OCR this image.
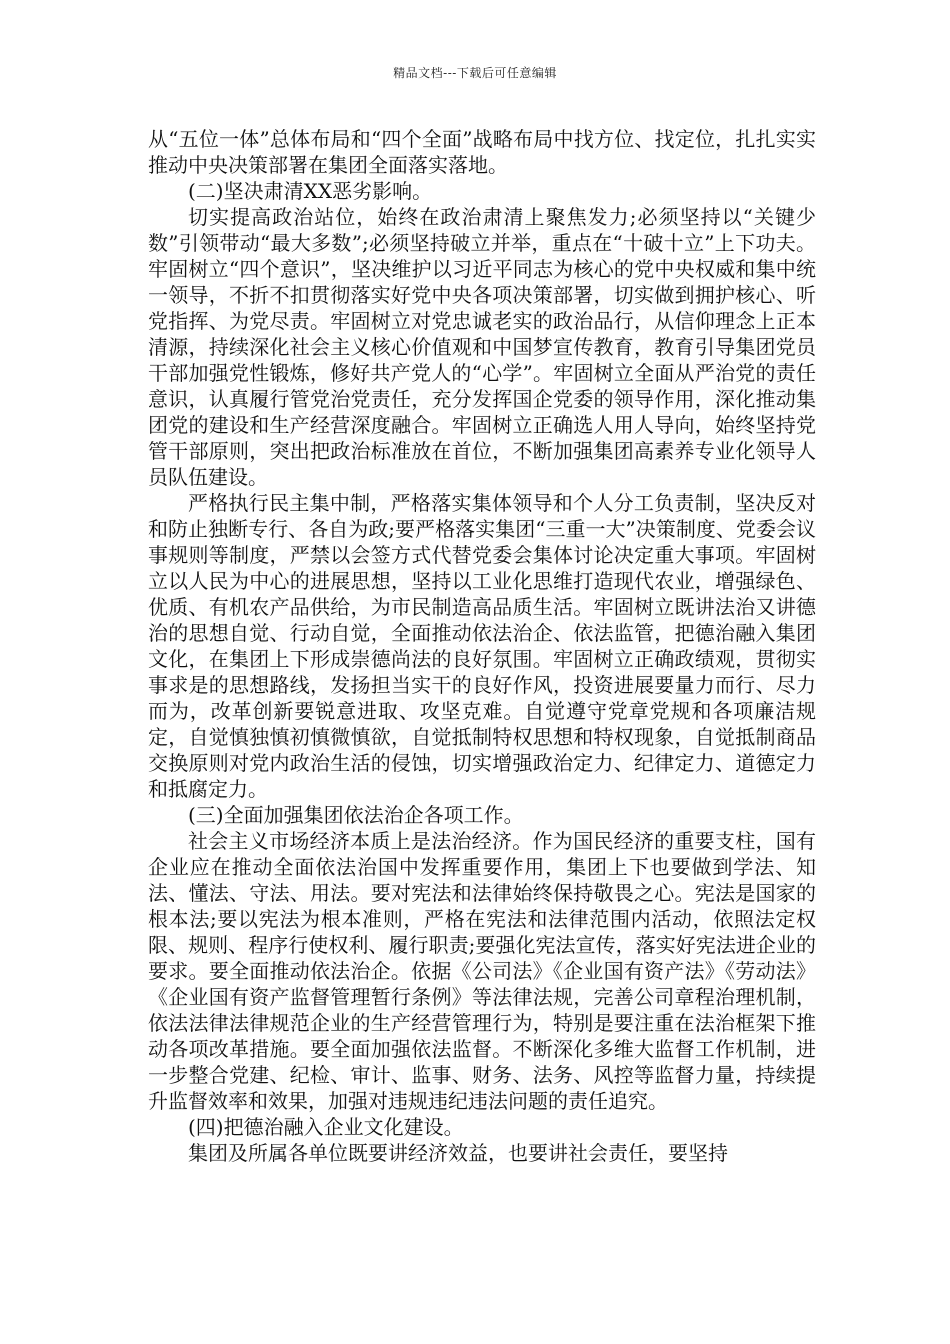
精品文档---下载后可任意编辑

从“五位一体”总体布局和“四个全面”战略布局中找方位、找定位，扎扎实实推动中央决策部署在集团全面落实落地。

(二)坚决肃清XX恶劣影响。

切实提高政治站位，始终在政治肃清上聚焦发力;必须坚持以“关键少数”引领带动“最大多数”;必须坚持破立并举，重点在“十破十立”上下功夫。牢固树立“四个意识”，坚决维护以习近平同志为核心的党中央权威和集中统一领导，不折不扣贯彻落实好党中央各项决策部署，切实做到拥护核心、听党指挥、为党尽责。牢固树立对党忠诚老实的政治品行，从信仰理念上正本清源，持续深化社会主义核心价值观和中国梦宣传教育，教育引导集团党员干部加强党性锻炼，修好共产党人的“心学”。牢固树立全面从严治党的责任意识，认真履行管党治党责任，充分发挥国企党委的领导作用，深化推动集团党的建设和生产经营深度融合。牢固树立正确选人用人导向，始终坚持党管干部原则，突出把政治标准放在首位，不断加强集团高素养专业化领导人员队伍建设。

严格执行民主集中制，严格落实集体领导和个人分工负责制，坚决反对和防止独断专行、各自为政;要严格落实集团“三重一大”决策制度、党委会议事规则等制度，严禁以会签方式代替党委会集体讨论决定重大事项。牢固树立以人民为中心的进展思想，坚持以工业化思维打造现代农业，增强绿色、优质、有机农产品供给，为市民制造高品质生活。牢固树立既讲法治又讲德治的思想自觉、行动自觉，全面推动依法治企、依法监管，把德治融入集团文化，在集团上下形成崇德尚法的良好氛围。牢固树立正确政绩观，贯彻实事求是的思想路线，发扬担当实干的良好作风，投资进展要量力而行、尽力而为，改革创新要锐意进取、攻坚克难。自觉遵守党章党规和各项廉洁规定，自觉慎独慎初慎微慎欲，自觉抵制特权思想和特权现象，自觉抵制商品交换原则对党内政治生活的侵蚀，切实增强政治定力、纪律定力、道德定力和抵腐定力。

(三)全面加强集团依法治企各项工作。

社会主义市场经济本质上是法治经济。作为国民经济的重要支柱，国有企业应在推动全面依法治国中发挥重要作用，集团上下也要做到学法、知法、懂法、守法、用法。要对宪法和法律始终保持敬畏之心。宪法是国家的根本法;要以宪法为根本准则，严格在宪法和法律范围内活动，依照法定权限、规则、程序行使权利、履行职责;要强化宪法宣传，落实好宪法进企业的要求。要全面推动依法治企。依据《公司法》《企业国有资产法》《劳动法》《企业国有资产监督管理暂行条例》等法律法规，完善公司章程治理机制，依法法律法律规范企业的生产经营管理行为，特别是要注重在法治框架下推动各项改革措施。要全面加强依法监督。不断深化多维大监督工作机制，进一步整合党建、纪检、审计、监事、财务、法务、风控等监督力量，持续提升监督效率和效果，加强对违规违纪违法问题的责任追究。

(四)把德治融入企业文化建设。

集团及所属各单位既要讲经济效益，也要讲社会责任，要坚持
